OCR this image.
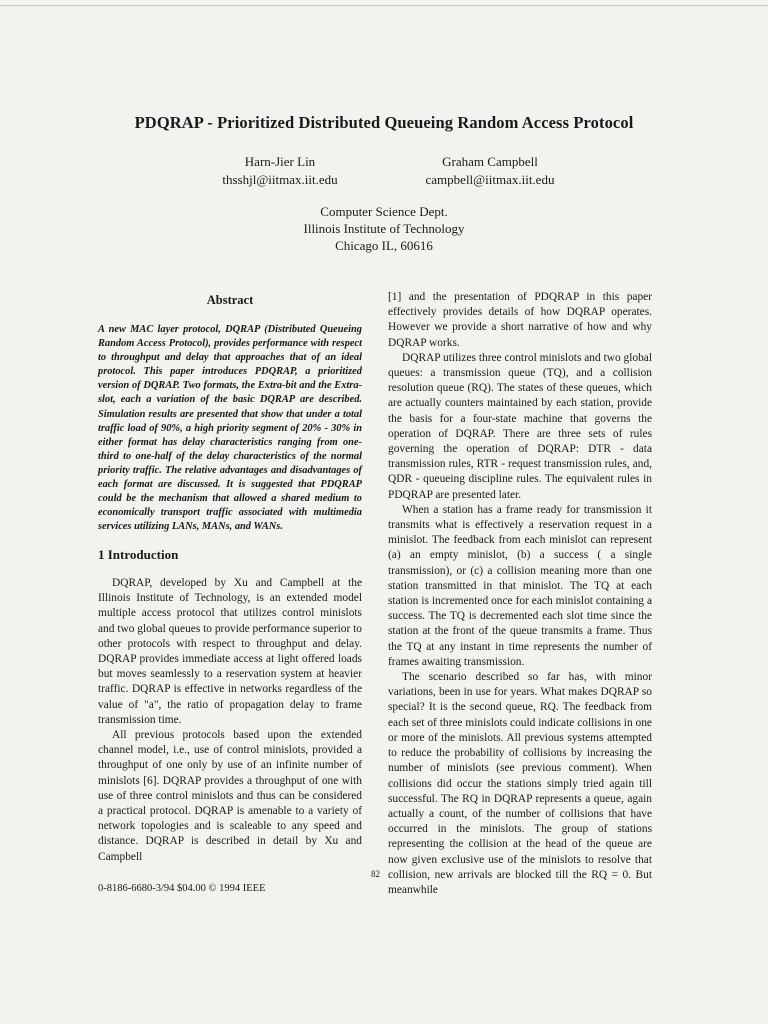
PDQRAP - Prioritized Distributed Queueing Random Access Protocol
Harn-Jier Lin
thsshjl@iitmax.iit.edu
Graham Campbell
campbell@iitmax.iit.edu
Computer Science Dept.
Illinois Institute of Technology
Chicago IL, 60616
Abstract
A new MAC layer protocol, DQRAP (Distributed Queueing Random Access Protocol), provides performance with respect to throughput and delay that approaches that of an ideal protocol. This paper introduces PDQRAP, a prioritized version of DQRAP. Two formats, the Extra-bit and the Extra-slot, each a variation of the basic DQRAP are described. Simulation results are presented that show that under a total traffic load of 90%, a high priority segment of 20% - 30% in either format has delay characteristics ranging from one-third to one-half of the delay characteristics of the normal priority traffic. The relative advantages and disadvantages of each format are discussed. It is suggested that PDQRAP could be the mechanism that allowed a shared medium to economically transport traffic associated with multimedia services utilizing LANs, MANs, and WANs.
1 Introduction

DQRAP, developed by Xu and Campbell at the Illinois Institute of Technology, is an extended model multiple access protocol that utilizes control minislots and two global queues to provide performance superior to other protocols with respect to throughput and delay. DQRAP provides immediate access at light offered loads but moves seamlessly to a reservation system at heavier traffic. DQRAP is effective in networks regardless of the value of "a", the ratio of propagation delay to frame transmission time.

All previous protocols based upon the extended channel model, i.e., use of control minislots, provided a throughput of one only by use of an infinite number of minislots [6]. DQRAP provides a throughput of one with use of three control minislots and thus can be considered a practical protocol. DQRAP is amenable to a variety of network topologies and is scaleable to any speed and distance. DQRAP is described in detail by Xu and Campbell

[1] and the presentation of PDQRAP in this paper effectively provides details of how DQRAP operates. However we provide a short narrative of how and why DQRAP works.

DQRAP utilizes three control minislots and two global queues: a transmission queue (TQ), and a collision resolution queue (RQ). The states of these queues, which are actually counters maintained by each station, provide the basis for a four-state machine that governs the operation of DQRAP. There are three sets of rules governing the operation of DQRAP: DTR - data transmission rules, RTR - request transmission rules, and, QDR - queueing discipline rules. The equivalent rules in PDQRAP are presented later.

When a station has a frame ready for transmission it transmits what is effectively a reservation request in a minislot. The feedback from each minislot can represent (a) an empty minislot, (b) a success ( a single transmission), or (c) a collision meaning more than one station transmitted in that minislot. The TQ at each station is incremented once for each minislot containing a success. The TQ is decremented each slot time since the station at the front of the queue transmits a frame. Thus the TQ at any instant in time represents the number of frames awaiting transmission.

The scenario described so far has, with minor variations, been in use for years. What makes DQRAP so special? It is the second queue, RQ. The feedback from each set of three minislots could indicate collisions in one or more of the minislots. All previous systems attempted to reduce the probability of collisions by increasing the number of minislots (see previous comment). When collisions did occur the stations simply tried again till successful. The RQ in DQRAP represents a queue, again actually a count, of the number of collisions that have occurred in the minislots. The group of stations representing the collision at the head of the queue are now given exclusive use of the minislots to resolve that collision, new arrivals are blocked till the RQ = 0. But meanwhile

82
0-8186-6680-3/94 $04.00 © 1994 IEEE
